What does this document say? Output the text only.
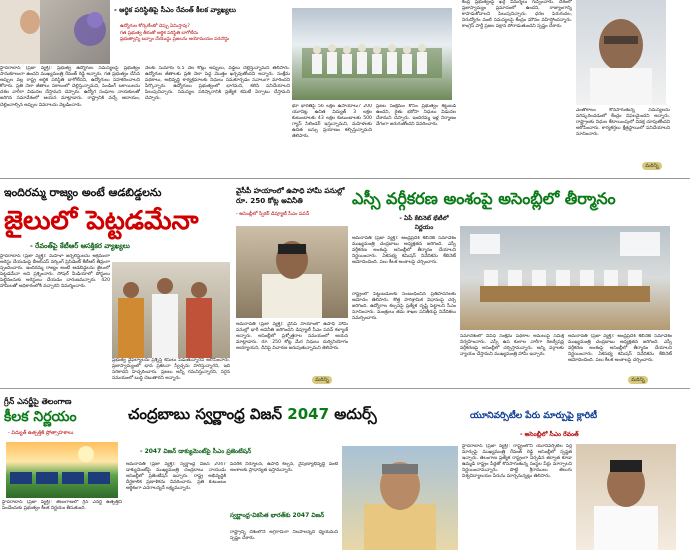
- ఆర్థిక పరిస్థితిపై సీఎం రేవంత్‌ కీలక వ్యాఖ్యలు
ఉద్యోగుల కోర్కెలేంటో చెప్పు ఏమిస్తావు?
గత ప్రభుత్వ తీరుతో ఆర్థిక పరిస్థితి బాగోలేదు
ప్రభుత్వాన్ని బద్నాం చేయొద్దు ప్రజలను అయోమయం పరచొద్దు
హైదరాబాద్‌ (ప్రజా వ్యక్తి): ప్రభుత్వ ఉద్యోగుల సమస్యలపై ప్రభుత్వం సానుకూలంగా ఉందని ముఖ్యమంత్రి రేవంత్‌ రెడ్డి అన్నారు. గత ప్రభుత్వం చేసిన అప్పుల వల్ల రాష్ట్ర ఆర్థిక పరిస్థితి బాగోలేదని, ఉద్యోగులు సహకరించాలని కోరారు. ప్రతి నెలా జీతాలు సకాలంలో చెల్లిస్తున్నామని, పెండింగ్‌ బకాయిలను దశల వారీగా విడుదల చేస్తామని చెప్పారు. ఉద్యోగ సంఘాల నాయకులతో జరిగిన సమావేశంలో ఆయన మాట్లాడారు. రాష్ట్రానికి వచ్చే ఆదాయం, చెల్లించాల్సిన అప్పుల వివరాలను వెల్లడించారు.
నెలకు సుమారు 6.5 వేల కోట్లు అప్పులు, వడ్డీలు చెల్లిస్తున్నామని తెలిపారు. ఉద్యోగుల జీతాలకు ప్రతి నెలా పెద్ద మొత్తం ఖర్చవుతోందని అన్నారు. సంక్షేమ పథకాలు, అభివృద్ధి కార్యక్రమాలకు నిధులు సమకూర్చడం సవాలుగా మారిందని పేర్కొన్నారు. ఉద్యోగులు ప్రభుత్వంలో భాగమని, కలిసి పనిచేయాలని పిలుపునిచ్చారు. సమస్యల పరిష్కారానికి ప్రత్యేక కమిటీ ఏర్పాటు చేస్తామని చెప్పారు.
భూ భారతిపై 56 లక్షల ఉపాయాలు? 200 యూనిట్ల ఉచిత విద్యుత్‌ 3 లక్షల కుటుంబాలకు 43 లక్షల కుటుంబాలకు 500 గ్యాస్‌ సిలిండర్‌ ఇస్తున్నామని, మహిళలకు ఉచిత బస్సు ప్రయాణం కల్పిస్తున్నామని తెలిపారు.
ప్రజల సంక్షేమం కోసం ప్రభుత్వం కట్టుబడి ఉందని, రైతు భరోసా నిధులు విడుదల చేశామని చెప్పారు. ఇందిరమ్మ ఇళ్ల నిర్మాణం వేగంగా జరుగుతోందని వివరించారు.
కేంద్ర ప్రభుత్వంపై ఖర్గే విమర్శలు గుప్పించారు. దేశంలో ప్రజాస్వామ్యం ప్రమాదంలో ఉందని, రాజ్యాంగాన్ని కాపాడుకోవాలని పిలుపునిచ్చారు. ధరల పెరుగుదల, నిరుద్యోగం వంటి సమస్యలపై కేంద్రం మౌనం వహిస్తోందన్నారు. కాంగ్రెస్‌ పార్టీ ప్రజల పక్షాన పోరాడుతుందని స్పష్టం చేశారు.
ఎంతోకాలం కొనసాగుతున్న సమస్యలను పరిష్కరించడంలో కేంద్రం విఫలమైందని అన్నారు. రాష్ట్రాలకు నిధుల కేటాయింపులో వివక్ష చూపుతోందని ఆరోపించారు. కార్యకర్తలు క్షేత్రస్థాయిలో పనిచేయాలని సూచించారు.
మరిన్ని
ఇందిరమ్మ రాజ్యం అంటే ఆడబిడ్డలను
జైలులో పెట్టడమేనా
- రేవంత్‌పై కేటీఆర్‌ ఆసక్తికర వ్యాఖ్యలు
హైదరాబాద్‌ (ప్రజా వ్యక్తి): మహిళా జర్నలిస్టులను అక్రమంగా అరెస్టు చేయడంపై బీఆర్‌ఎస్‌ వర్కింగ్‌ ప్రెసిడెంట్‌ కేటీఆర్‌ తీవ్రంగా స్పందించారు. ఇందిరమ్మ రాజ్యం అంటే ఆడబిడ్డలను జైలులో పెట్టడమేనా అని ప్రశ్నించారు. సోషల్‌ మీడియాలో పోస్టులు పెట్టినందుకు అరెస్టులు చేయడం దారుణమన్నారు. 420 హామీలతో అధికారంలోకి వచ్చారని విమర్శించారు.
ప్రభుత్వ వైఫల్యాలను ప్రశ్నిస్తే కేసులు పెడుతున్నారని ఆరోపించారు. ప్రజాస్వామ్యంలో భావ ప్రకటనా స్వేచ్ఛను హరిస్తున్నారని, ఇది సరికాదని హెచ్చరించారు. ప్రజలు అన్నీ గమనిస్తున్నారని, సరైన సమయంలో బుద్ధి చెబుతారని అన్నారు.
వైసీపీ హయాంలో ఉపాధి హామీ పనుల్లో రూ. 250 కోట్ల అవినీతి
- అసెంబ్లీలో స్పీకర్‌ డిప్యూటీ సీఎం పవన్‌
అమరావతి (ప్రజా వ్యక్తి): వైసీపీ హయాంలో ఉపాధి హామీ పనుల్లో భారీ అవినీతి జరిగిందని డిప్యూటీ సీఎం పవన్‌ కళ్యాణ్‌ అన్నారు. అసెంబ్లీలో ప్రశ్నోత్తరాల సమయంలో ఆయన మాట్లాడారు. రూ. 250 కోట్ల మేర నిధులు దుర్వినియోగం అయ్యాయని, దీనిపై విచారణ జరుపుతున్నామని తెలిపారు.
మరిన్ని
ఎస్సీ వర్గీకరణ అంశంపై అసెంబ్లీలో తీర్మానం
- ఏపీ కేబినెట్‌ భేటీలో నిర్ణయం
అమరావతి (ప్రజా వ్యక్తి): ఆంధ్రప్రదేశ్‌ కేబినెట్‌ సమావేశం ముఖ్యమంత్రి చంద్రబాబు అధ్యక్షతన జరిగింది. ఎస్సీ వర్గీకరణ అంశంపై అసెంబ్లీలో తీర్మానం చేయాలని నిర్ణయించారు. ఏకసభ్య కమిషన్‌ నివేదికను కేబినెట్‌ ఆమోదించింది. పలు కీలక అంశాలపై చర్చించారు.
రాష్ట్రంలో పెట్టుబడులకు సంబంధించిన ప్రతిపాదనలకు ఆమోదం తెలిపారు. కొత్త పారిశ్రామిక విధానంపై చర్చ జరిగింది. ఉద్యోగాల కల్పనపై ప్రత్యేక దృష్టి పెట్టాలని సీఎం సూచించారు. మంత్రులు తమ శాఖల పనితీరుపై నివేదికలు సమర్పించారు.
సమావేశంలో వివిధ సంక్షేమ పథకాల అమలుపై సమీక్ష నిర్వహించారు. ఎస్సీ ఉప కులాల వారీగా రిజర్వేషన్ల వర్గీకరణపై అసెంబ్లీలో చర్చిస్తామన్నారు. అన్ని వర్గాలకు న్యాయం చేస్తామని ముఖ్యమంత్రి హామీ ఇచ్చారు.
అమరావతి (ప్రజా వ్యక్తి): ఆంధ్రప్రదేశ్‌ కేబినెట్‌ సమావేశం ముఖ్యమంత్రి చంద్రబాబు అధ్యక్షతన జరిగింది. ఎస్సీ వర్గీకరణ అంశంపై అసెంబ్లీలో తీర్మానం చేయాలని నిర్ణయించారు. ఏకసభ్య కమిషన్‌ నివేదికను కేబినెట్‌ ఆమోదించింది. పలు కీలక అంశాలపై చర్చించారు.
మరిన్ని
గ్రీన్‌ ఎనర్జీపై తెలంగాణ
కీలక నిర్ణయం
- విద్యుత్‌ ఉత్పత్తికి ప్రోత్సాహకాలు
హైదరాబాద్‌ (ప్రజా వ్యక్తి): తెలంగాణలో గ్రీన్‌ ఎనర్జీ ఉత్పత్తిని పెంచేందుకు ప్రభుత్వం కీలక నిర్ణయం తీసుకుంది.
చంద్రబాబు స్వర్ణాంధ్ర విజన్‌ 2047 అదుర్స్‌
- 2047 విజన్‌ డాక్యుమెంట్‌పై సీఎం ప్రజెంటేషన్‌
అమరావతి (ప్రజా వ్యక్తి): స్వర్ణాంధ్ర విజన్‌ 2047 డాక్యుమెంట్‌పై ముఖ్యమంత్రి చంద్రబాబు నాయుడు అసెంబ్లీలో ప్రజెంటేషన్‌ ఇచ్చారు. రాష్ట్ర అభివృద్ధికి దీర్ఘకాలిక ప్రణాళికను వివరించారు. ప్రతి కుటుంబం ఆర్థికంగా ఎదగాలన్నదే లక్ష్యమన్నారు.
పేదరిక నిర్మూలన, ఉపాధి కల్పన, నైపుణ్యాభివృద్ధి వంటి అంశాలకు ప్రాధాన్యత ఇస్తామన్నారు.
స్వర్ణాంధ్ర-వికసిత భారత్‌కు 2047 విజన్‌
రాష్ట్రాన్ని దేశంలోనే అగ్రగామిగా నిలపాలన్నదే ధ్యేయమని స్పష్టం చేశారు.
యూనివర్సిటీల పేరు మార్పుపై క్లారిటీ
- అసెంబ్లీలో సీఎం రేవంత్‌
హైదరాబాద్‌ (ప్రజా వ్యక్తి): రాష్ట్రంలోని యూనివర్సిటీల పేర్ల మార్పుపై ముఖ్యమంత్రి రేవంత్‌ రెడ్డి అసెంబ్లీలో స్పష్టత ఇచ్చారు. తెలంగాణ ప్రత్యేక రాష్ట్రంగా ఏర్పడిన తర్వాత కూడా ఉమ్మడి రాష్ట్రం పేర్లతో కొనసాగుతున్న సంస్థల పేర్లు మార్చాలని నిర్ణయించామన్నారు. పొట్టి శ్రీరాములు తెలుగు విశ్వవిద్యాలయం పేరును మార్చనున్నట్లు తెలిపారు.
